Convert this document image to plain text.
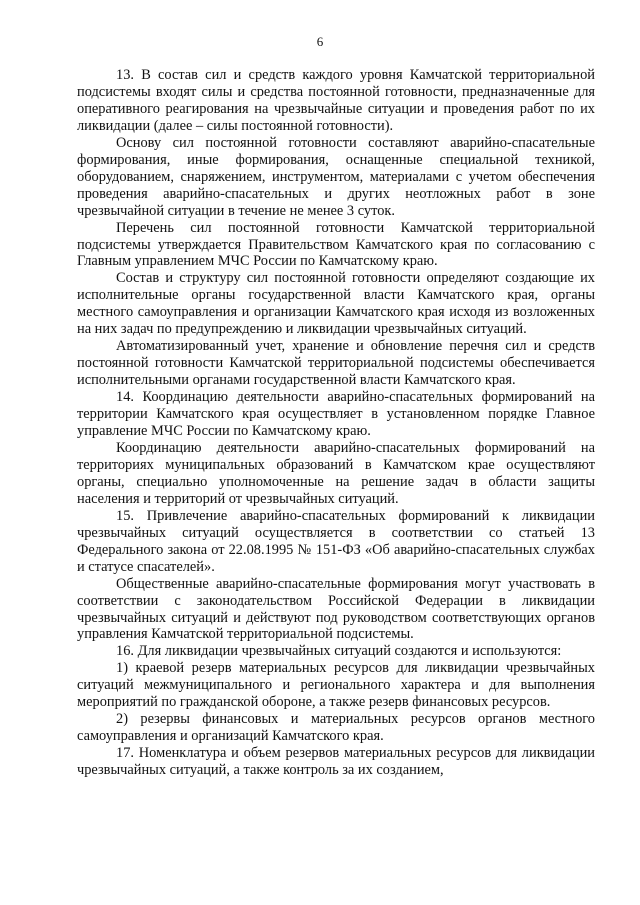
6

13. В состав сил и средств каждого уровня Камчатской территориальной подсистемы входят силы и средства постоянной готовности, предназначенные для оперативного реагирования на чрезвычайные ситуации и проведения работ по их ликвидации (далее – силы постоянной готовности).

Основу сил постоянной готовности составляют аварийно-спасательные формирования, иные формирования, оснащенные специальной техникой, оборудованием, снаряжением, инструментом, материалами с учетом обеспечения проведения аварийно-спасательных и других неотложных работ в зоне чрезвычайной ситуации в течение не менее 3 суток.

Перечень сил постоянной готовности Камчатской территориальной подсистемы утверждается Правительством Камчатского края по согласованию с Главным управлением МЧС России по Камчатскому краю.

Состав и структуру сил постоянной готовности определяют создающие их исполнительные органы государственной власти Камчатского края, органы местного самоуправления и организации Камчатского края исходя из возложенных на них задач по предупреждению и ликвидации чрезвычайных ситуаций.

Автоматизированный учет, хранение и обновление перечня сил и средств постоянной готовности Камчатской территориальной подсистемы обеспечивается исполнительными органами государственной власти Камчатского края.

14. Координацию деятельности аварийно-спасательных формирований на территории Камчатского края осуществляет в установленном порядке Главное управление МЧС России по Камчатскому краю.

Координацию деятельности аварийно-спасательных формирований на территориях муниципальных образований в Камчатском крае осуществляют органы, специально уполномоченные на решение задач в области защиты населения и территорий от чрезвычайных ситуаций.

15. Привлечение аварийно-спасательных формирований к ликвидации чрезвычайных ситуаций осуществляется в соответствии со статьей 13 Федерального закона от 22.08.1995 № 151-ФЗ «Об аварийно-спасательных службах и статусе спасателей».

Общественные аварийно-спасательные формирования могут участвовать в соответствии с законодательством Российской Федерации в ликвидации чрезвычайных ситуаций и действуют под руководством соответствующих органов управления Камчатской территориальной подсистемы.

16. Для ликвидации чрезвычайных ситуаций создаются и используются:

1) краевой резерв материальных ресурсов для ликвидации чрезвычайных ситуаций межмуниципального и регионального характера и для выполнения мероприятий по гражданской обороне, а также резерв финансовых ресурсов.

2) резервы финансовых и материальных ресурсов органов местного самоуправления и организаций Камчатского края.

17. Номенклатура и объем резервов материальных ресурсов для ликвидации чрезвычайных ситуаций, а также контроль за их созданием,
